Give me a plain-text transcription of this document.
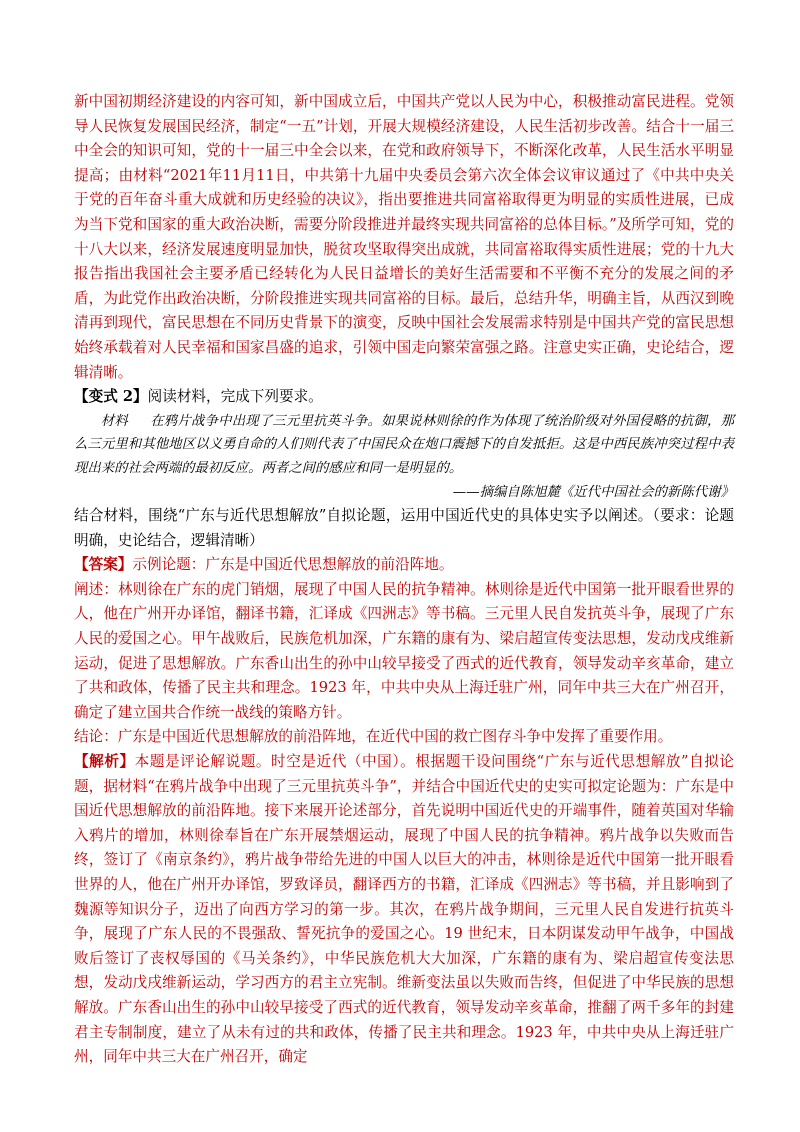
新中国初期经济建设的内容可知，新中国成立后，中国共产党以人民为中心，积极推动富民进程。党领导人民恢复发展国民经济，制定“一五”计划，开展大规模经济建设，人民生活初步改善。结合十一届三中全会的知识可知，党的十一届三中全会以来，在党和政府领导下，不断深化改革，人民生活水平明显提高；由材料“2021年11月11日，中共第十九届中央委员会第六次全体会议审议通过了《中共中央关于党的百年奋斗重大成就和历史经验的决议》，指出要推进共同富裕取得更为明显的实质性进展，已成为当下党和国家的重大政治决断，需要分阶段推进并最终实现共同富裕的总体目标。”及所学可知，党的十八大以来，经济发展速度明显加快，脱贫攻坚取得突出成就，共同富裕取得实质性进展；党的十九大报告指出我国社会主要矛盾已经转化为人民日益增长的美好生活需要和不平衡不充分的发展之间的矛盾，为此党作出政治决断，分阶段推进实现共同富裕的目标。最后，总结升华，明确主旨，从西汉到晚清再到现代，富民思想在不同历史背景下的演变，反映中国社会发展需求特别是中国共产党的富民思想始终承载着对人民幸福和国家昌盛的追求，引领中国走向繁荣富强之路。注意史实正确，史论结合，逻辑清晰。

【变式 2】阅读材料，完成下列要求。

材料 在鸦片战争中出现了三元里抗英斗争。如果说林则徐的作为体现了统治阶级对外国侵略的抗御，那么三元里和其他地区以义勇自命的人们则代表了中国民众在炮口震撼下的自发抵拒。这是中西民族冲突过程中表现出来的社会两端的最初反应。两者之间的感应和同一是明显的。

——摘编自陈旭麓《近代中国社会的新陈代谢》

结合材料，围绕“广东与近代思想解放”自拟论题，运用中国近代史的具体史实予以阐述。（要求：论题明确，史论结合，逻辑清晰）

【答案】示例论题：广东是中国近代思想解放的前沿阵地。

阐述：林则徐在广东的虎门销烟，展现了中国人民的抗争精神。林则徐是近代中国第一批开眼看世界的人，他在广州开办译馆，翻译书籍，汇译成《四洲志》等书稿。三元里人民自发抗英斗争，展现了广东人民的爱国之心。甲午战败后，民族危机加深，广东籍的康有为、梁启超宣传变法思想，发动戊戌维新运动，促进了思想解放。广东香山出生的孙中山较早接受了西式的近代教育，领导发动辛亥革命，建立了共和政体，传播了民主共和理念。1923 年，中共中央从上海迁驻广州，同年中共三大在广州召开，确定了建立国共合作统一战线的策略方针。

结论：广东是中国近代思想解放的前沿阵地，在近代中国的救亡图存斗争中发挥了重要作用。

【解析】本题是评论解说题。时空是近代（中国）。根据题干设问围绕“广东与近代思想解放”自拟论题，据材料“在鸦片战争中出现了三元里抗英斗争”，并结合中国近代史的史实可拟定论题为：广东是中国近代思想解放的前沿阵地。接下来展开论述部分，首先说明中国近代史的开端事件，随着英国对华输入鸦片的增加，林则徐奉旨在广东开展禁烟运动，展现了中国人民的抗争精神。鸦片战争以失败而告终，签订了《南京条约》，鸦片战争带给先进的中国人以巨大的冲击，林则徐是近代中国第一批开眼看世界的人，他在广州开办译馆，罗致译员，翻译西方的书籍，汇译成《四洲志》等书稿，并且影响到了魏源等知识分子，迈出了向西方学习的第一步。其次，在鸦片战争期间，三元里人民自发进行抗英斗争，展现了广东人民的不畏强敌、誓死抗争的爱国之心。19 世纪末，日本阴谋发动甲午战争，中国战败后签订了丧权辱国的《马关条约》，中华民族危机大大加深，广东籍的康有为、梁启超宣传变法思想，发动戊戌维新运动，学习西方的君主立宪制。维新变法虽以失败而告终，但促进了中华民族的思想解放。广东香山出生的孙中山较早接受了西式的近代教育，领导发动辛亥革命，推翻了两千多年的封建君主专制制度，建立了从未有过的共和政体，传播了民主共和理念。1923 年，中共中央从上海迁驻广州，同年中共三大在广州召开，确定
